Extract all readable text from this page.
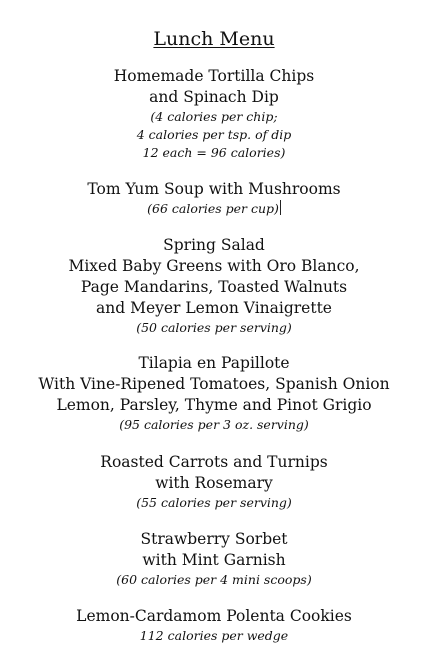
Lunch Menu
Homemade Tortilla Chips
and Spinach Dip
(4 calories per chip;
4 calories per tsp. of dip
12 each = 96 calories)
Tom Yum Soup with Mushrooms
(66 calories per cup)
Spring Salad
Mixed Baby Greens with Oro Blanco,
Page Mandarins, Toasted Walnuts
and Meyer Lemon Vinaigrette
(50 calories per serving)
Tilapia en Papillote
With Vine-Ripened Tomatoes, Spanish Onion
Lemon, Parsley, Thyme and Pinot Grigio
(95 calories per 3 oz. serving)
Roasted Carrots and Turnips
with Rosemary
(55 calories per serving)
Strawberry Sorbet
with Mint Garnish
(60 calories per 4 mini scoops)
Lemon-Cardamom Polenta Cookies
112 calories per wedge
